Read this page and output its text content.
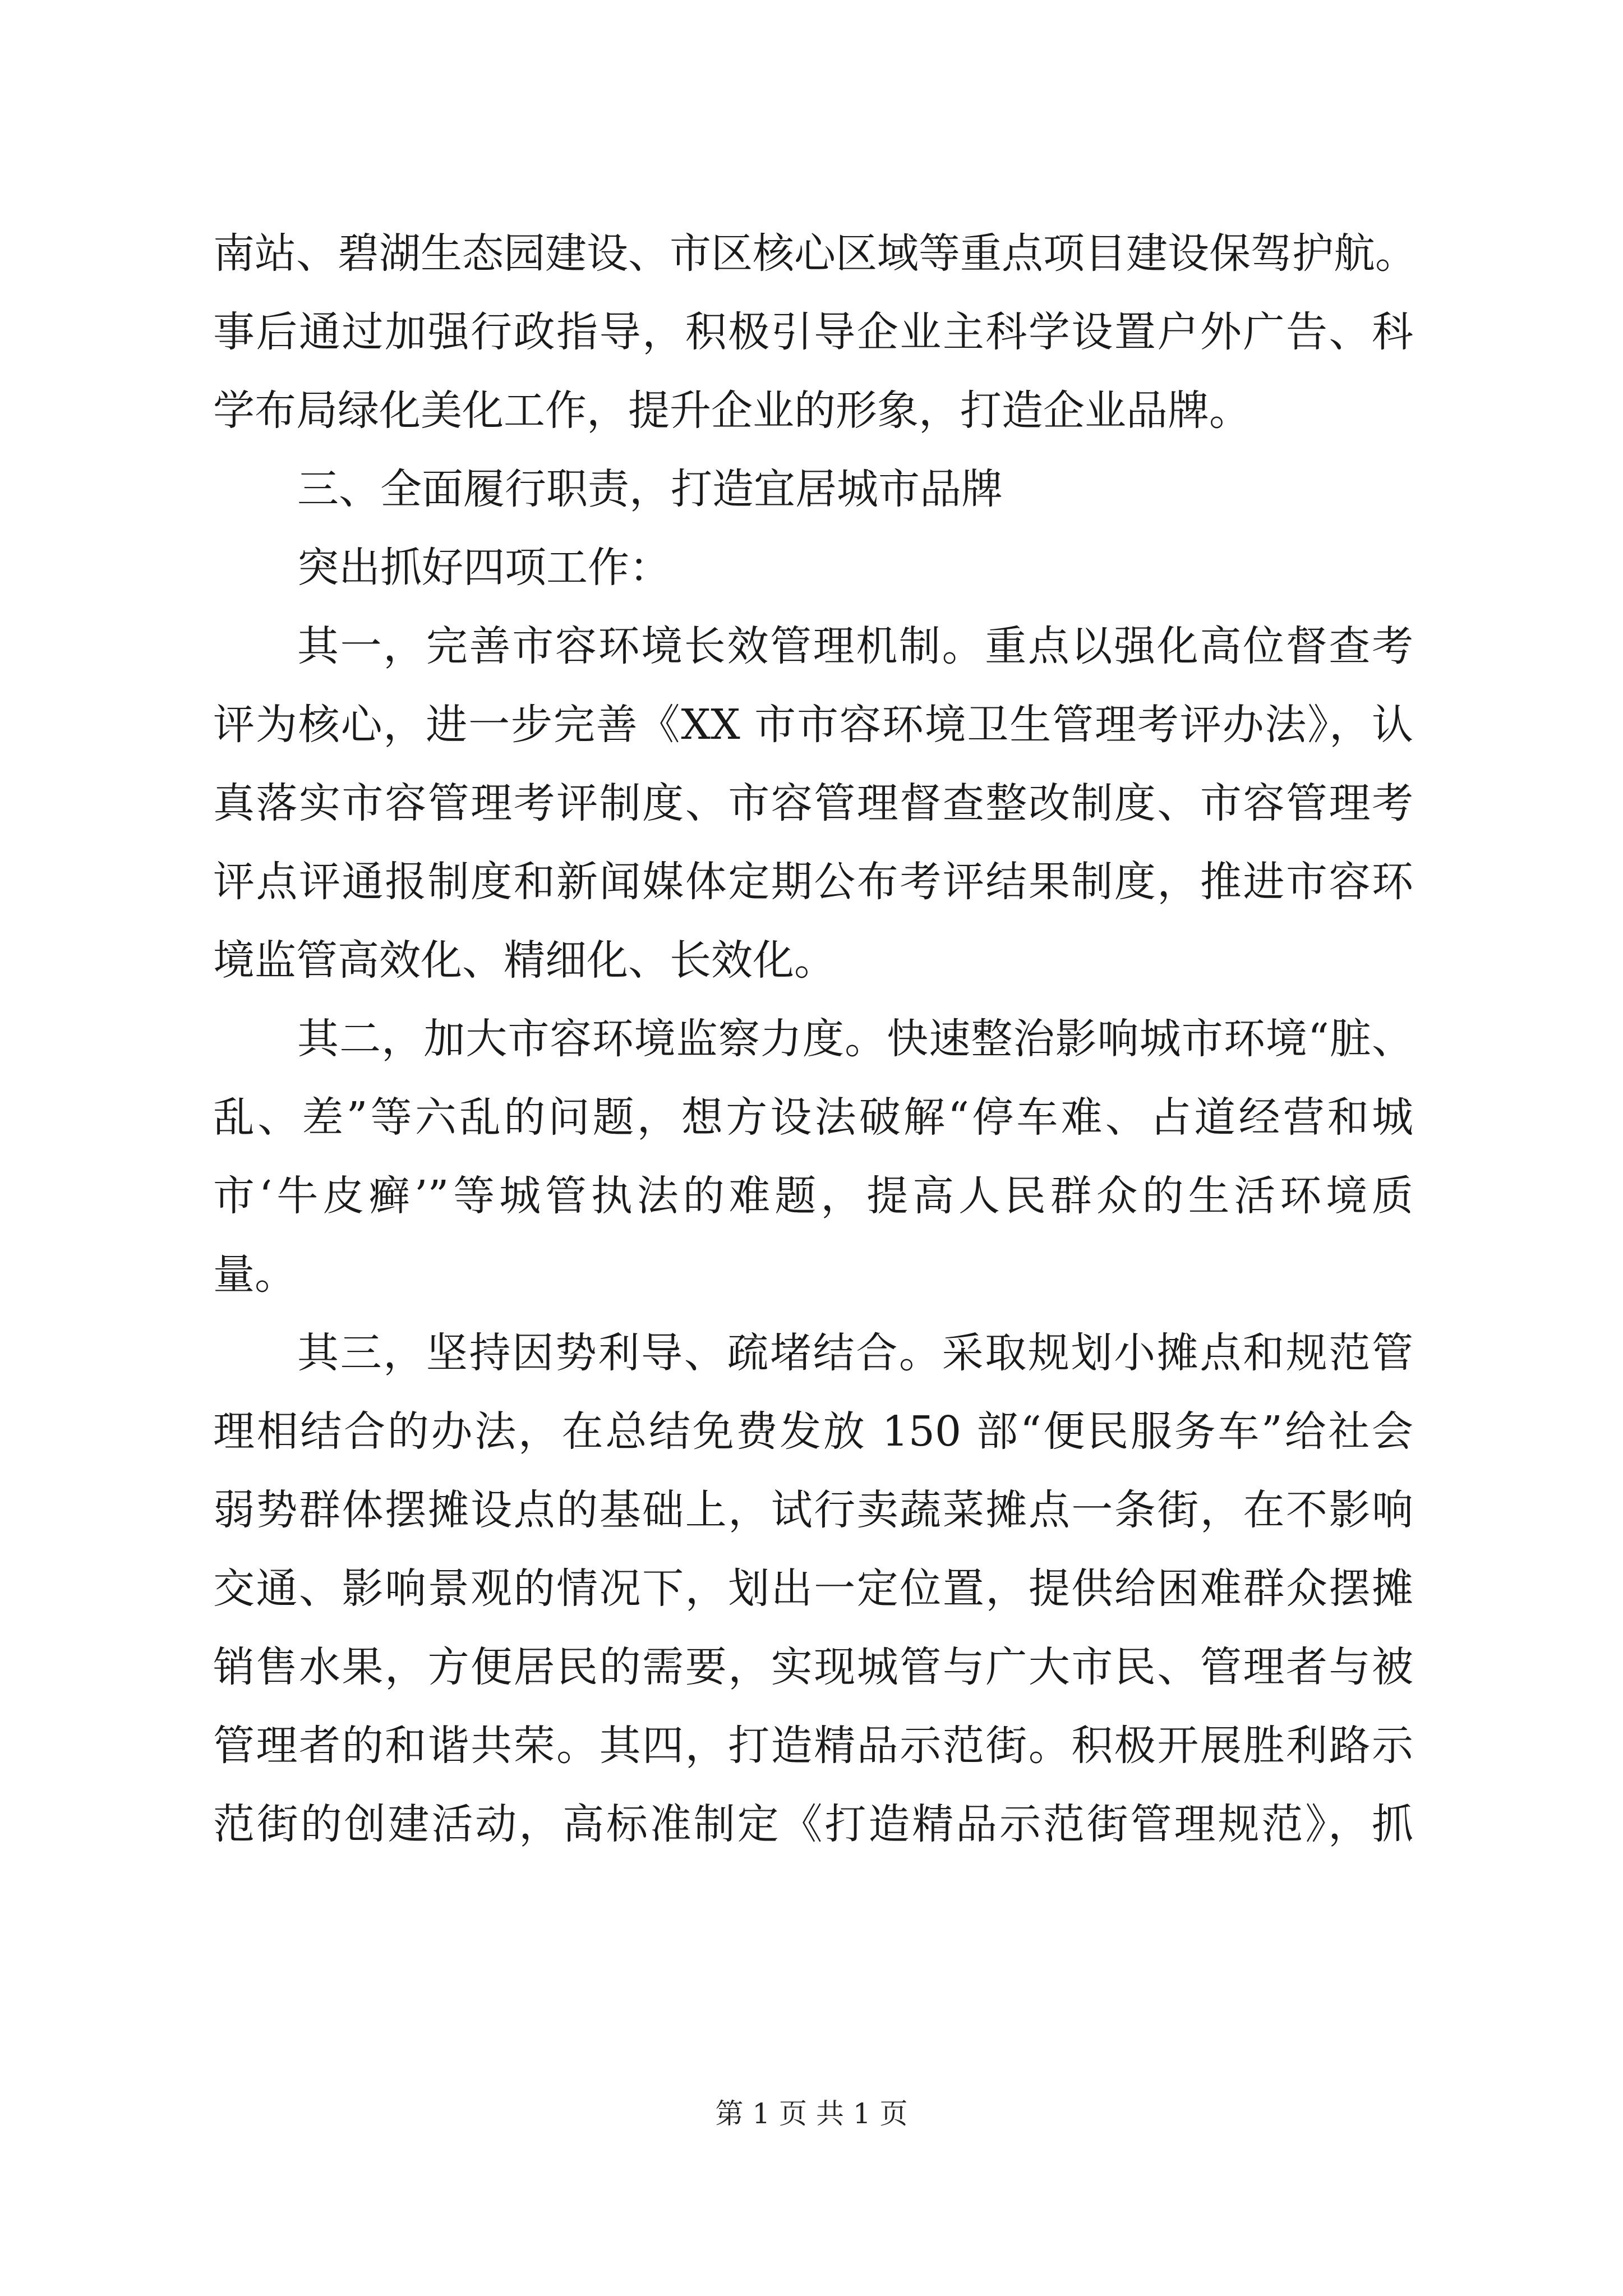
南站、碧湖生态园建设、市区核心区域等重点项目建设保驾护航。
事后通过加强行政指导，积极引导企业主科学设置户外广告、科
学布局绿化美化工作，提升企业的形象，打造企业品牌。
三、全面履行职责，打造宜居城市品牌
突出抓好四项工作：
其一，完善市容环境长效管理机制。重点以强化高位督查考
评为核心，进一步完善《XX 市市容环境卫生管理考评办法》，认
真落实市容管理考评制度、市容管理督查整改制度、市容管理考
评点评通报制度和新闻媒体定期公布考评结果制度，推进市容环
境监管高效化、精细化、长效化。
其二，加大市容环境监察力度。快速整治影响城市环境“脏、
乱、差”等六乱的问题，想方设法破解“停车难、占道经营和城
市‘牛皮癣’”等城管执法的难题，提高人民群众的生活环境质
量。
其三，坚持因势利导、疏堵结合。采取规划小摊点和规范管
理相结合的办法，在总结免费发放 150 部“便民服务车”给社会
弱势群体摆摊设点的基础上，试行卖蔬菜摊点一条街，在不影响
交通、影响景观的情况下，划出一定位置，提供给困难群众摆摊
销售水果，方便居民的需要，实现城管与广大市民、管理者与被
管理者的和谐共荣。其四，打造精品示范街。积极开展胜利路示
范街的创建活动，高标准制定《打造精品示范街管理规范》，抓
第 1 页 共 1 页
